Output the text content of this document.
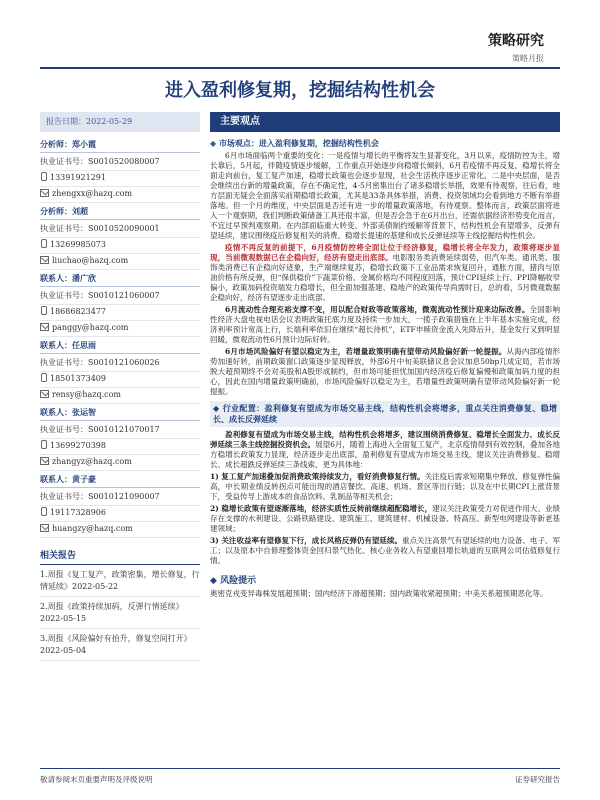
策略研究
策略月报
进入盈利修复期，挖掘结构性机会
报告日期：2022-05-29
分析师：郑小霞
执业证书号：S0010520080007
13391921291
zhengxx@hazq.com
分析师：刘超
执业证书号：S0010520090001
13269985073
liuchao@hazq.com
联系人：潘广欣
执业证书号：S0010121060007
18686823477
panggy@hazq.com
联系人：任思雨
执业证书号：S0010121060026
18501373409
rensy@hazq.com
联系人：张运智
执业证书号：S0010121070017
13699270398
zhangyz@hazq.com
联系人：黄子豪
执业证书号：S0010121090007
19117328906
huangzy@hazq.com
相关报告
1.周报《复工复产，政策密集，增长修复，行情延续》2022-05-22
2.周报《政策持续加码，反弹行情延续》2022-05-15
3.周报《风险偏好有抬升，修复空间打开》2022-05-04
主要观点
◆ 市场观点：进入盈利修复期，挖掘结构性机会

6月市场面临两个重要的变化：一是疫情与增长的平衡将发生显著变化，3月以来，疫情防控为主，增长靠后，5月起，伴随疫情逐步缓解，工作重点开始逐步向稳增长倾斜，6月若疫情不再反复，稳增长将全面走向前台，复工复产加速，稳增长政策也会逐步显现，社会生活秩序逐步正常化，二是中央层面，是否会继续出台新的增量政策，存在不确定性，4-5月密集出台了诸多稳增长举措，效果有待观察，往后看，地方层面无疑会全面落实前期稳增长政策，尤其是33条具体举措，消费、投资领域均会看到地方不断有举措落地。但一个月的维度，中央层面是否还有进一步的增量政策落地，有待观察。整体而言，政策层面将进入一个观察期，我们判断政策储备工具还很丰富，但是否会急于在6月出台，还需依据经济形势变化而言，不宜过早预判观察期。在内部面临重大转变、外部美债制约缓解等背景下，结构性机会有望增多，反弹有望延续，建议围绕疫后修复相关的消费、稳增长提速的基建和成长反弹延续等主线挖掘结构性机会。

疫情不再反复的前提下，6月疫情防控将全面让位于经济修复，稳增长将全年发力，政策将逐步显现，当前微观数据已在企稳向好，经济有望走出底部。电影服务类消费延续弱势，但汽车类、通讯类、服饰类消费已有企稳向好迹象，生产端继续复苏，稳增长政策下工业品需求恢复回升，通胀方面，猪肉与原油价格有所反弹，但“保供稳价”下蔬菜价格、金属价格均不同程度回落，预计CPI延续上行、PPI降幅收窄偏小，政策加码投资端发力稳增长，但全面加强基建、稳地产的政策传导尚需时日，总的看，5月微观数据企稳向好，经济有望逐步走出底部。

6月流动性合理充裕支撑不变，用以配合财政等政策落地，微观流动性预计迎来边际改善。全国影响性经济大盘电视电话会议表明政策托底力度及持续一步加大，一揽子政策措施在上半年基本实施完成，经济利率预计宽高上行，长端利率依旧在继续“超长待机”，ETF申赎资金流入先降后升，基金发行又到明显回暖，微观流动性6月预计边际好转。

6月市场风险偏好有望以稳定为主，若增量政策明确有望带动风险偏好新一轮提振。从海内部疫情形势加速好转，前期政策窗口政策逐步显现释放，外部6月中旬美联储议息会议加息50bp几成定局，若市场脱大超预期终不会对美股和A股形成制约，但市场可能担忧加国内经济疫后修复偏慢和政策加码力度的担心，因此在国内增量政策明确前，市场风险偏好以稳定为主，若增量性政策明确有望带动风险偏好新一轮提振。

◆ 行业配置：盈利修复有望成为市场交易主线，结构性机会将增多，重点关注消费修复、稳增长、成长反弹延续

盈利修复有望成为市场交易主线，结构性机会将增多，建议围绕消费修复、稳增长全面发力、成长反弹延续三条主线挖掘投资机会。展望6月，随着上海进入全面复工复产，北京疫情得到有效控制，叠加各地方稳增长政策发力显现，经济逐步走出底部，盈利修复有望成为市场交易主线，建议关注消费修复、稳增长、成长超跌反弹延续三条线索，更为具体地：

1) 复工复产加速叠加促消费政策持续发力，看好消费修复行情。关注疫后需求短期集中释放、修复弹性偏高，中长期业绩反转拐点可能出现的酒店餐饮、高速、机场、景区等出行链；以及在中长期CPI上涨背景下，受益传导上游成本的食品饮料、乳制品等相关机会；

2) 稳增长政策有望逐渐落地，经济实质性反转前继续超配稳增长，建议关注政策受力对促进作用大、业绩存在支撑的水利建设、公路铁路建设、建筑施工、建筑建材、机械设备、特高压、新型电网建设等新老基建领域；

3) 关注收益率有望修复下行，成长风格反弹仍有望延续。重点关注高景气有望延续的电力设备、电子、军工；以及原本中自修理整体资金回归景气热化、核心业务收入有望重回增长轨道的互联网公司估值修复行情。

◆ 风险提示

奥密克戎变异毒株发展超预期；国内经济下滑超预期；国内政策收紧超预期；中美关系超预期恶化等。

敬请参阅末页重要声明及评级说明	证券研究报告
